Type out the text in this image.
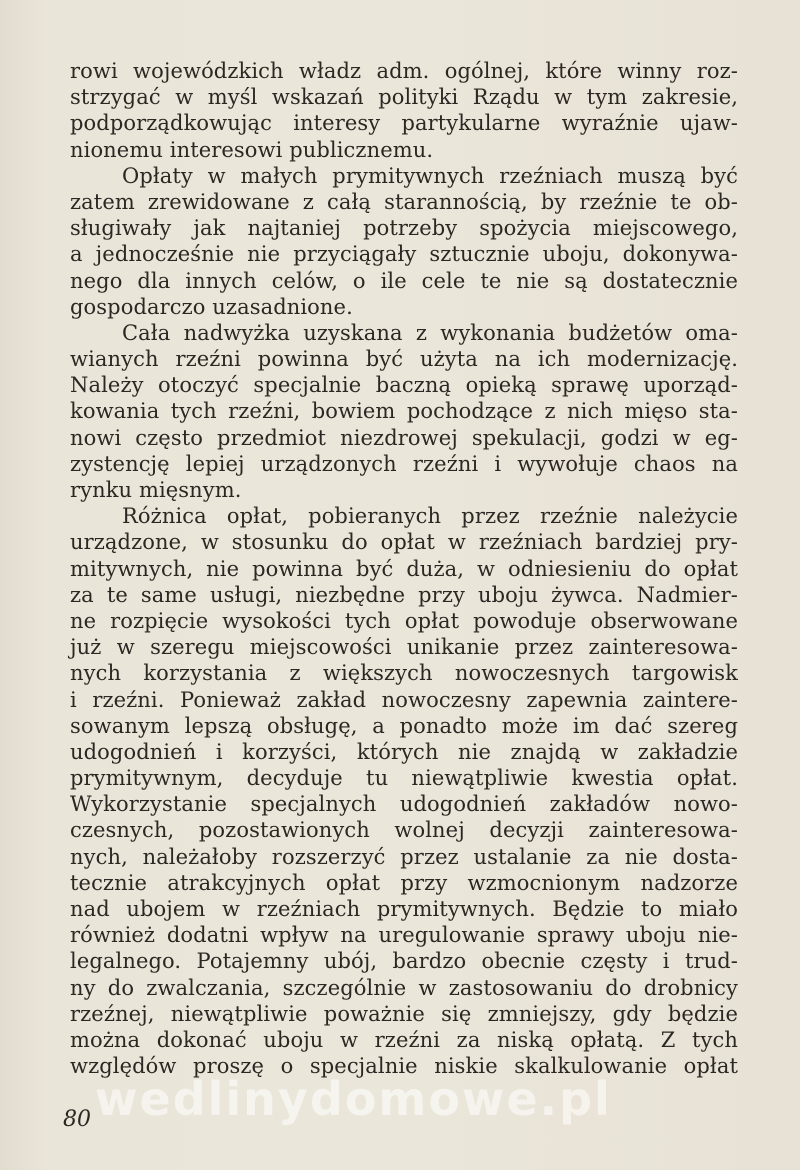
rowi wojewódzkich władz adm. ogólnej, które winny roz-
strzygać w myśl wskazań polityki Rządu w tym zakresie,
podporządkowując interesy partykularne wyraźnie ujaw-
nionemu interesowi publicznemu.
Opłaty w małych prymitywnych rzeźniach muszą być
zatem zrewidowane z całą starannością, by rzeźnie te ob-
sługiwały jak najtaniej potrzeby spożycia miejscowego,
a jednocześnie nie przyciągały sztucznie uboju, dokonywa-
nego dla innych celów, o ile cele te nie są dostatecznie
gospodarczo uzasadnione.
Cała nadwyżka uzyskana z wykonania budżetów oma-
wianych rzeźni powinna być użyta na ich modernizację.
Należy otoczyć specjalnie baczną opieką sprawę uporząd-
kowania tych rzeźni, bowiem pochodzące z nich mięso sta-
nowi często przedmiot niezdrowej spekulacji, godzi w eg-
zystencję lepiej urządzonych rzeźni i wywołuje chaos na
rynku mięsnym.
Różnica opłat, pobieranych przez rzeźnie należycie
urządzone, w stosunku do opłat w rzeźniach bardziej pry-
mitywnych, nie powinna być duża, w odniesieniu do opłat
za te same usługi, niezbędne przy uboju żywca. Nadmier-
ne rozpięcie wysokości tych opłat powoduje obserwowane
już w szeregu miejscowości unikanie przez zainteresowa-
nych korzystania z większych nowoczesnych targowisk
i rzeźni. Ponieważ zakład nowoczesny zapewnia zaintere-
sowanym lepszą obsługę, a ponadto może im dać szereg
udogodnień i korzyści, których nie znajdą w zakładzie
prymitywnym, decyduje tu niewątpliwie kwestia opłat.
Wykorzystanie specjalnych udogodnień zakładów nowo-
czesnych, pozostawionych wolnej decyzji zainteresowa-
nych, należałoby rozszerzyć przez ustalanie za nie dosta-
tecznie atrakcyjnych opłat przy wzmocnionym nadzorze
nad ubojem w rzeźniach prymitywnych. Będzie to miało
również dodatni wpływ na uregulowanie sprawy uboju nie-
legalnego. Potajemny ubój, bardzo obecnie częsty i trud-
ny do zwalczania, szczególnie w zastosowaniu do drobnicy
rzeźnej, niewątpliwie poważnie się zmniejszy, gdy będzie
można dokonać uboju w rzeźni za niską opłatą. Z tych
względów proszę o specjalnie niskie skalkulowanie opłat
wedlinydomowe.pl
80
